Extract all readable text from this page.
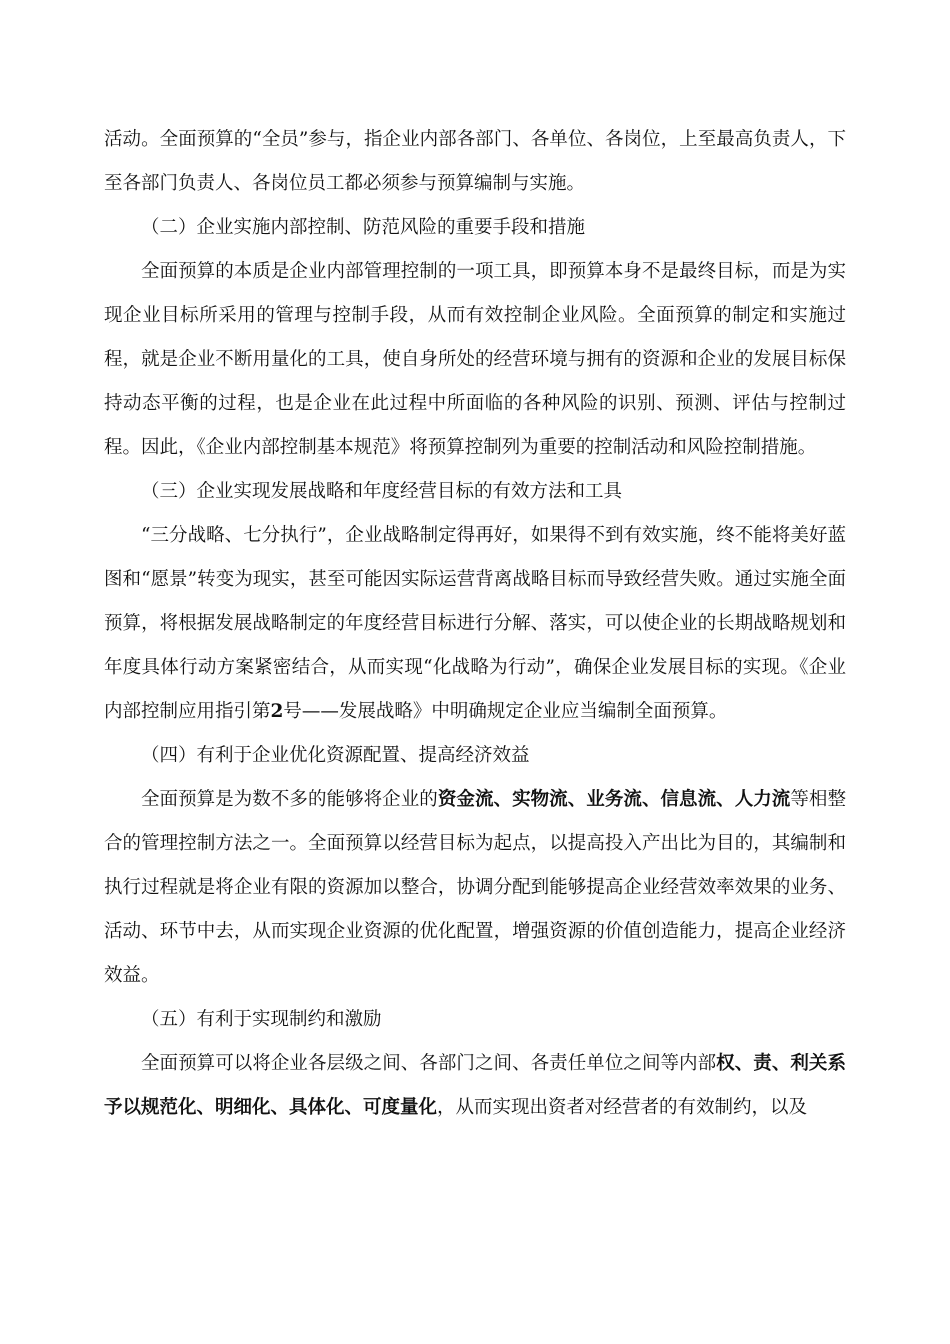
活动。全面预算的“全员”参与，指企业内部各部门、各单位、各岗位，上至最高负责人，下至各部门负责人、各岗位员工都必须参与预算编制与实施。

（二）企业实施内部控制、防范风险的重要手段和措施

全面预算的本质是企业内部管理控制的一项工具，即预算本身不是最终目标，而是为实现企业目标所采用的管理与控制手段，从而有效控制企业风险。全面预算的制定和实施过程，就是企业不断用量化的工具，使自身所处的经营环境与拥有的资源和企业的发展目标保持动态平衡的过程，也是企业在此过程中所面临的各种风险的识别、预测、评估与控制过程。因此，《企业内部控制基本规范》将预算控制列为重要的控制活动和风险控制措施。

（三）企业实现发展战略和年度经营目标的有效方法和工具

“三分战略、七分执行”，企业战略制定得再好，如果得不到有效实施，终不能将美好蓝图和“愿景”转变为现实，甚至可能因实际运营背离战略目标而导致经营失败。通过实施全面预算，将根据发展战略制定的年度经营目标进行分解、落实，可以使企业的长期战略规划和年度具体行动方案紧密结合，从而实现“化战略为行动”，确保企业发展目标的实现。《企业内部控制应用指引第2号——发展战略》中明确规定企业应当编制全面预算。

（四）有利于企业优化资源配置、提高经济效益

全面预算是为数不多的能够将企业的资金流、实物流、业务流、信息流、人力流等相整合的管理控制方法之一。全面预算以经营目标为起点，以提高投入产出比为目的，其编制和执行过程就是将企业有限的资源加以整合，协调分配到能够提高企业经营效率效果的业务、活动、环节中去，从而实现企业资源的优化配置，增强资源的价值创造能力，提高企业经济效益。

（五）有利于实现制约和激励

全面预算可以将企业各层级之间、各部门之间、各责任单位之间等内部权、责、利关系予以规范化、明细化、具体化、可度量化，从而实现出资者对经营者的有效制约，以及
